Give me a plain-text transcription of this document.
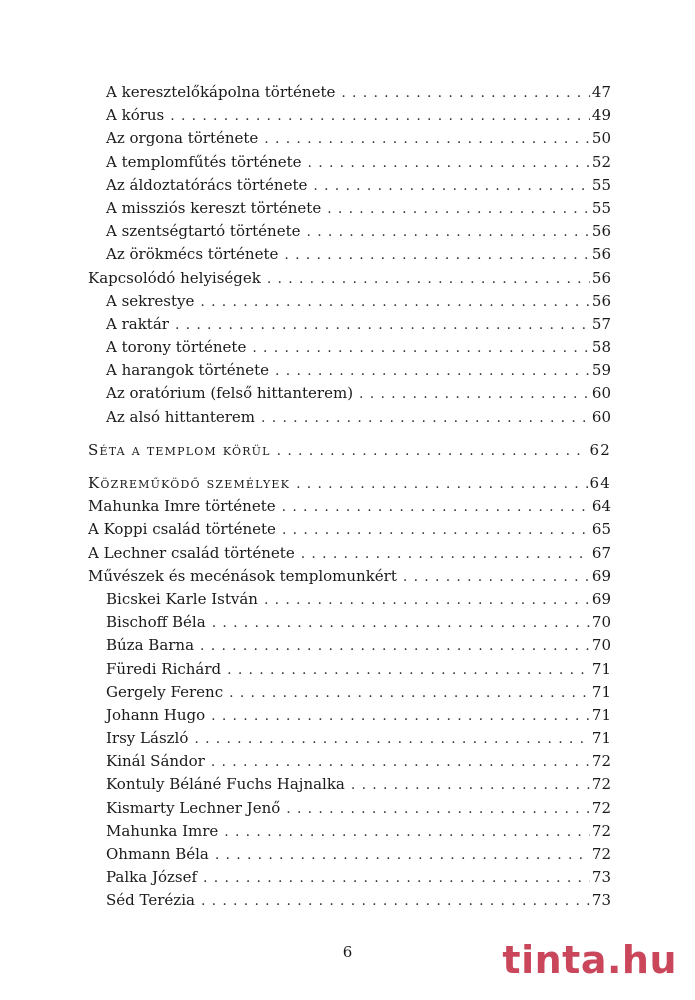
A keresztelőkápolna története . . .	47
A kórus . . .	49
Az orgona története . . .	50
A templomfűtés története . . .	52
Az áldoztatórács története . . .	55
A missziós kereszt története . . .	55
A szentségtartó története . . .	56
Az örökmécs története . . .	56
Kapcsolódó helyiségek . . .	56
A sekrestye . . .	56
A raktár . . .	57
A torony története . . .	58
A harangok története . . .	59
Az oratórium (felső hittanterem) . . .	60
Az alsó hittanterem . . .	60
Séta a templom körül . . .	62
Közreműködő személyek . . .	64
Mahunka Imre története . . .	64
A Koppi család története . . .	65
A Lechner család története . . .	67
Művészek és mecénások templomunkért . . .	69
Bicskei Karle István . . .	69
Bischoff Béla . . .	70
Búza Barna . . .	70
Füredi Richárd . . .	71
Gergely Ferenc . . .	71
Johann Hugo . . .	71
Irsy László . . .	71
Kinál Sándor . . .	72
Kontuly Béláné Fuchs Hajnalka . . .	72
Kismarty Lechner Jenő . . .	72
Mahunka Imre . . .	72
Ohmann Béla . . .	72
Palka József . . .	73
Séd Terézia . . .	73
6	tinta.hu
